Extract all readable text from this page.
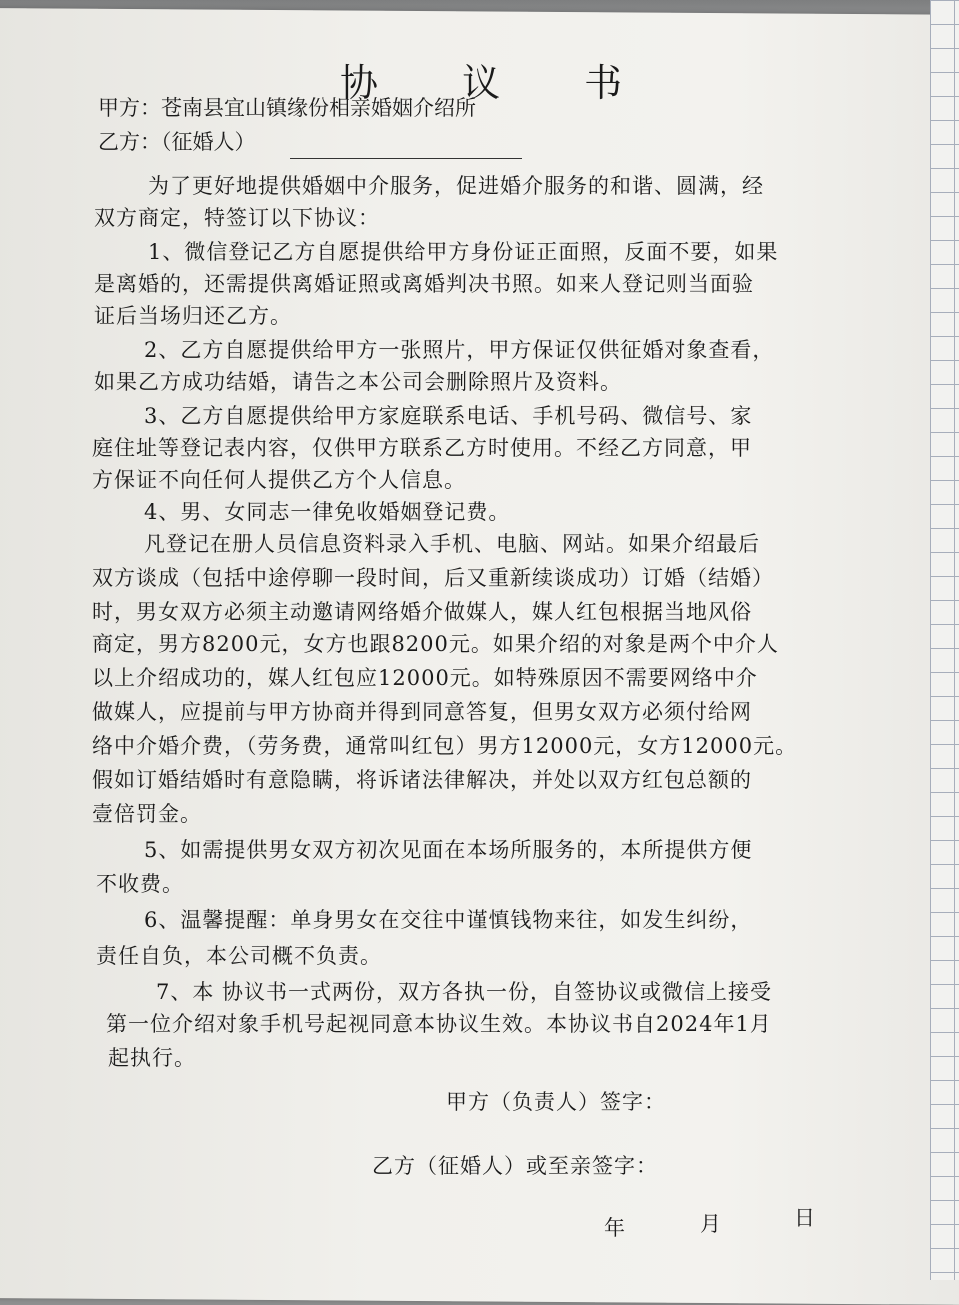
协 议 书
甲方：苍南县宜山镇缘份相亲婚姻介绍所
乙方：（征婚人）
为了更好地提供婚姻中介服务，促进婚介服务的和谐、圆满，经
双方商定，特签订以下协议：
1、微信登记乙方自愿提供给甲方身份证正面照，反面不要，如果
是离婚的，还需提供离婚证照或离婚判决书照。如来人登记则当面验
证后当场归还乙方。
2、乙方自愿提供给甲方一张照片，甲方保证仅供征婚对象查看，
如果乙方成功结婚，请告之本公司会删除照片及资料。
3、乙方自愿提供给甲方家庭联系电话、手机号码、微信号、家
庭住址等登记表内容，仅供甲方联系乙方时使用。不经乙方同意，甲
方保证不向任何人提供乙方个人信息。
4、男、女同志一律免收婚姻登记费。
凡登记在册人员信息资料录入手机、电脑、网站。如果介绍最后
双方谈成（包括中途停聊一段时间，后又重新续谈成功）订婚（结婚）
时，男女双方必须主动邀请网络婚介做媒人，媒人红包根据当地风俗
商定，男方8200元，女方也跟8200元。如果介绍的对象是两个中介人
以上介绍成功的，媒人红包应12000元。如特殊原因不需要网络中介
做媒人，应提前与甲方协商并得到同意答复，但男女双方必须付给网
络中介婚介费，（劳务费，通常叫红包）男方12000元，女方12000元。
假如订婚结婚时有意隐瞒，将诉诸法律解决，并处以双方红包总额的
壹倍罚金。
5、如需提供男女双方初次见面在本场所服务的，本所提供方便
不收费。
6、温馨提醒：单身男女在交往中谨慎钱物来往，如发生纠纷，
责任自负，本公司概不负责。
7、本 协议书一式两份，双方各执一份，自签协议或微信上接受
第一位介绍对象手机号起视同意本协议生效。本协议书自2024年1月
起执行。
甲方（负责人）签字：
乙方（征婚人）或至亲签字：
年	月	日
